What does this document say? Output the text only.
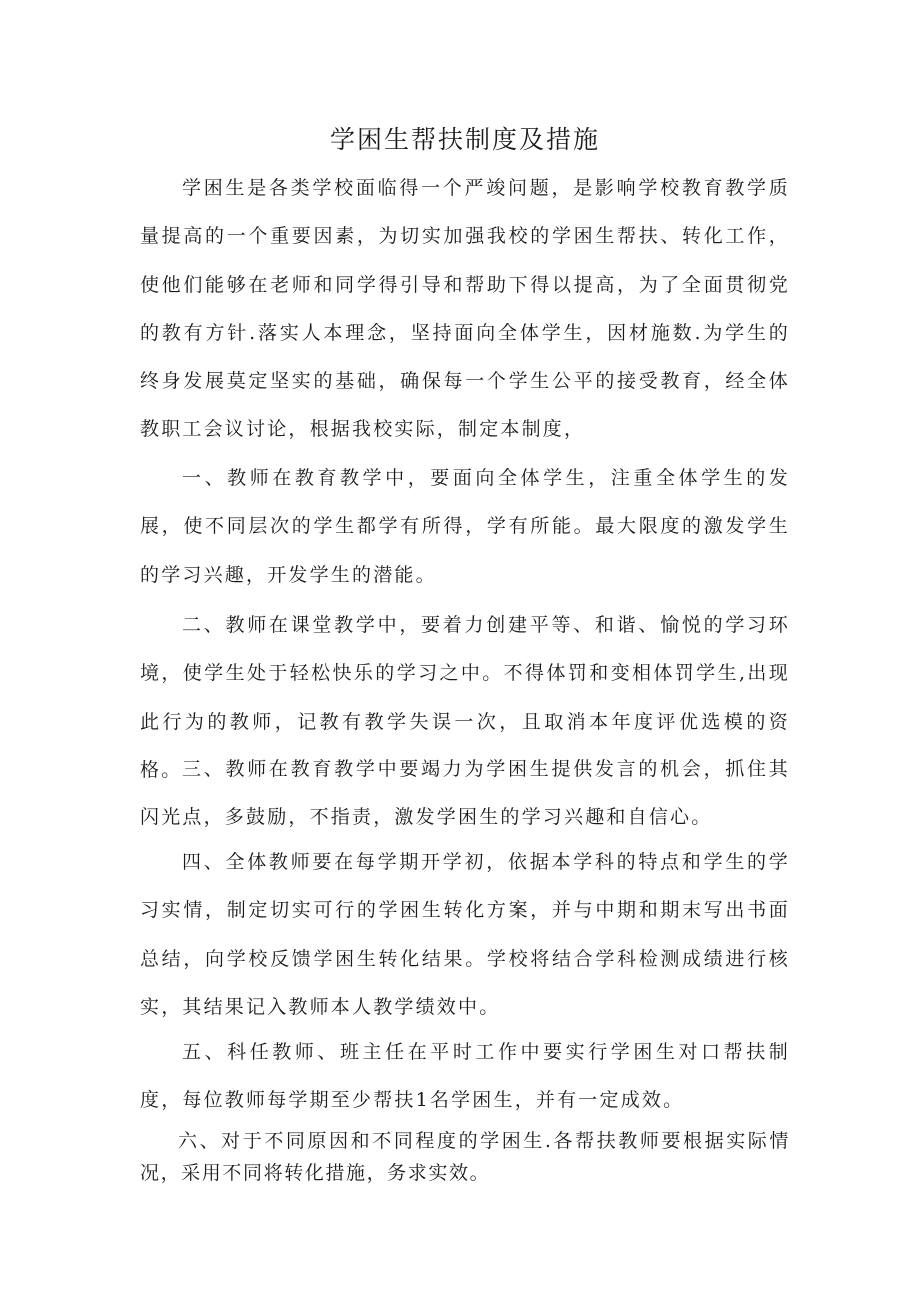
学困生帮扶制度及措施

学困生是各类学校面临得一个严竣问题，是影响学校教育教学质量提高的一个重要因素，为切实加强我校的学困生帮扶、转化工作，使他们能够在老师和同学得引导和帮助下得以提高，为了全面贯彻党的教有方针.落实人本理念，坚持面向全体学生，因材施数.为学生的终身发展莫定坚实的基础，确保每一个学生公平的接受教育，经全体教职工会议讨论，根据我校实际，制定本制度，

一、教师在教育教学中，要面向全体学生，注重全体学生的发展，使不同层次的学生都学有所得，学有所能。最大限度的激发学生的学习兴趣，开发学生的潜能。

二、教师在课堂教学中，要着力创建平等、和谐、愉悦的学习环境，使学生处于轻松快乐的学习之中。不得体罚和变相体罚学生,出现此行为的教师，记教有教学失误一次，且取消本年度评优选模的资格。 三、教师在教育教学中要竭力为学困生提供发言的机会，抓住其闪光点，多鼓励，不指责，激发学困生的学习兴趣和自信心。

四、全体教师要在每学期开学初，依据本学科的特点和学生的学习实情，制定切实可行的学困生转化方案，并与中期和期末写出书面总结，向学校反馈学困生转化结果。学校将结合学科检测成绩进行核实，其结果记入教师本人教学绩效中。

五、科任教师、班主任在平时工作中要实行学困生对口帮扶制度，每位教师每学期至少帮扶1名学困生，并有一定成效。

六、对于不同原因和不同程度的学困生.各帮扶教师要根据实际情况，采用不同将转化措施，务求实效。
